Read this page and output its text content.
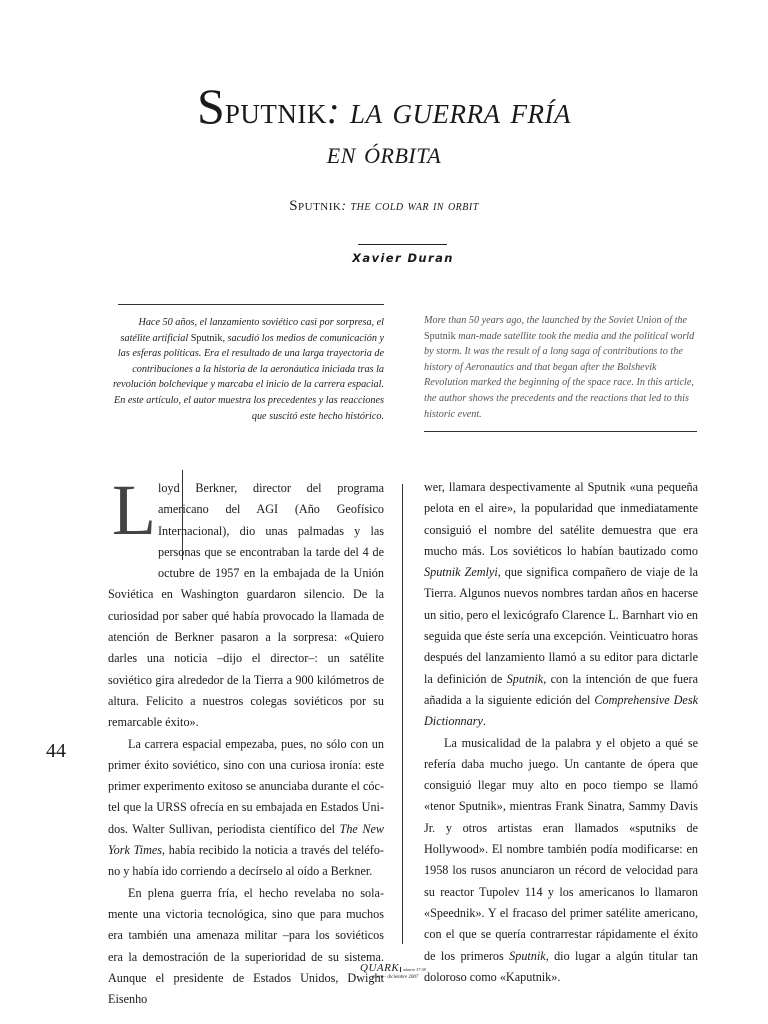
Sputnik: la guerra fría
en órbita
Sputnik: the cold war in orbit
Xavier Duran
Hace 50 años, el lanzamiento soviético casi por sorpresa, el satélite artificial Sputnik, sacudió los medios de comunicación y las esferas políticas. Era el resultado de una larga trayectoria de contribuciones a la historia de la aeronáutica iniciada tras la revolución bolchevique y marcaba el inicio de la carrera espacial. En este artículo, el autor muestra los precedentes y las reacciones que suscitó este hecho histórico.
More than 50 years ago, the launched by the Soviet Union of the Sputnik man-made satellite took the media and the political world by storm. It was the result of a long saga of contributions to the history of Aeronautics and that began after the Bolshevik Revolution marked the beginning of the space race. In this article, the author shows the precedents and the reactions that led to this historic event.
L loyd Berkner, director del programa americano del AGI (Año Geofísico Internacional), dio unas palmadas y las personas que se encontraban la tarde del 4 de octubre de 1957 en la embajada de la Unión Soviética en Washington guardaron silencio. De la curiosidad por saber qué había provocado la llamada de atención de Berkner pasaron a la sorpresa: «Quiero darles una noticia –dijo el director–: un satélite soviético gira alrededor de la Tierra a 900 kilómetros de altura. Felicito a nuestros colegas soviéticos por su remarcable éxito».

La carrera espacial empezaba, pues, no sólo con un primer éxito soviético, sino con una curiosa ironía: este primer experimento exitoso se anunciaba durante el cóctel que la URSS ofrecía en su embajada en Estados Unidos. Walter Sullivan, periodista científico del The New York Times, había recibido la noticia a través del teléfono y había ido corriendo a decírselo al oído a Berkner.

En plena guerra fría, el hecho revelaba no solamente una victoria tecnológica, sino que para muchos era también una amenaza militar –para los soviéticos era la demostración de la superioridad de su sistema. Aunque el presidente de Estados Unidos, Dwight Eisenho

wer, llamara despectivamente al Sputnik «una pequeña pelota en el aire», la popularidad que inmediatamente consiguió el nombre del satélite demuestra que era mucho más. Los soviéticos lo habían bautizado como Sputnik Zemlyi, que significa compañero de viaje de la Tierra. Algunos nuevos nombres tardan años en hacerse un sitio, pero el lexicógrafo Clarence L. Barnhart vio en seguida que éste sería una excepción. Veinticuatro horas después del lanzamiento llamó a su editor para dictarle la definición de Sputnik, con la intención de que fuera añadida a la siguiente edición del Comprehensive Desk Dictionnary.

La musicalidad de la palabra y el objeto a qué se refería daba mucho juego. Un cantante de ópera que consiguió llegar muy alto en poco tiempo se llamó «tenor Sputnik», mientras Frank Sinatra, Sammy Davis Jr. y otros artistas eran llamados «sputniks de Hollywood». El nombre también podía modificarse: en 1958 los rusos anunciaron un récord de velocidad para su reactor Tupolev 114 y los americanos lo llamaron «Speednik». Y el fracaso del primer satélite americano, con el que se quería contrarrestar rápidamente el éxito de los primeros Sputnik, dio lugar a algún titular tan doloroso como «Kaputnik».

44
QUARK número 37-38
enero - diciembre 2007
